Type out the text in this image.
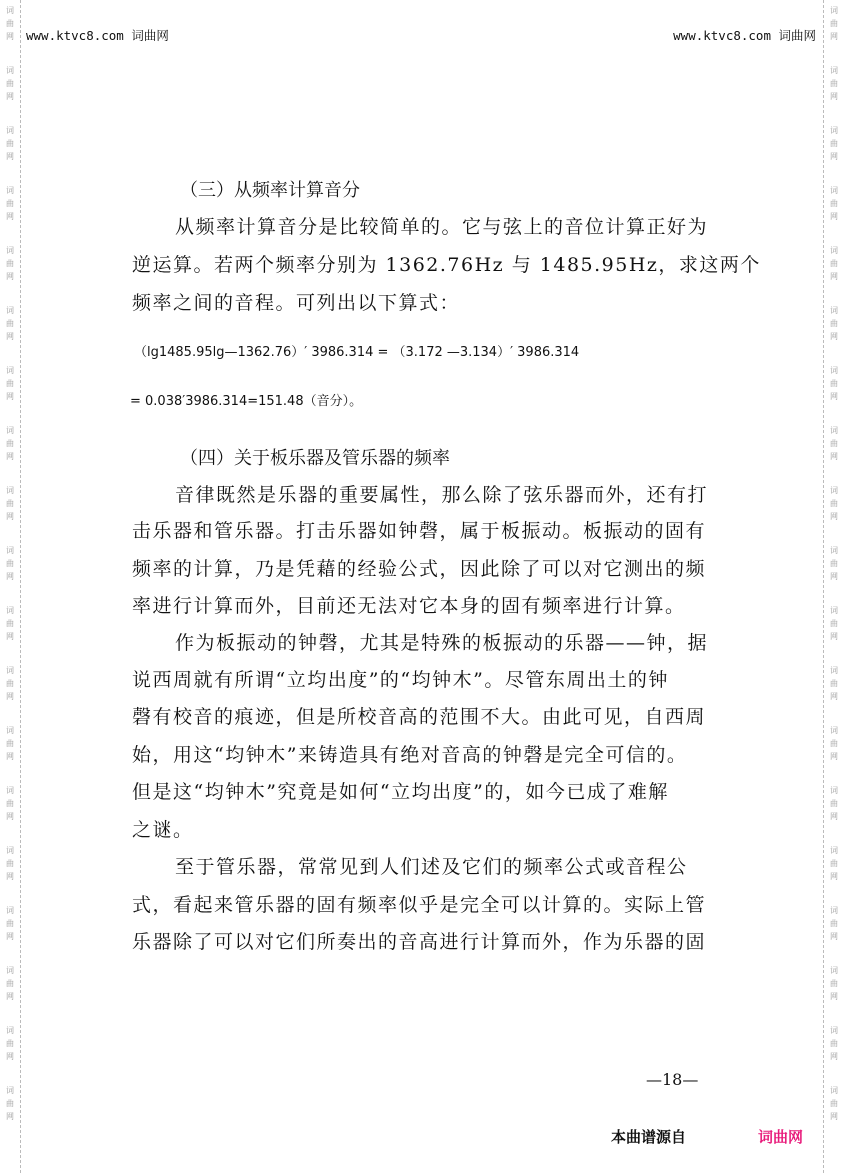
词
曲
网
词
曲
网
词
曲
网
词
曲
网
词
曲
网
词
曲
网
词
曲
网
词
曲
网
词
曲
网
词
曲
网
词
曲
网
词
曲
网
词
曲
网
词
曲
网
词
曲
网
词
曲
网
词
曲
网
词
曲
网
词
曲
网
词
曲
网
词
曲
网
词
曲
网
词
曲
网
词
曲
网
词
曲
网
词
曲
网
词
曲
网
词
曲
网
词
曲
网
词
曲
网
词
曲
网
词
曲
网
词
曲
网
词
曲
网
词
曲
网
词
曲
网
词
曲
网
词
曲
网
www.ktvc8.com 词曲网	www.ktvc8.com 词曲网
（三）从频率计算音分
从频率计算音分是比较简单的。它与弦上的音位计算正好为
逆运算。若两个频率分别为 1362.76Hz 与 1485.95Hz，求这两个
频率之间的音程。可列出以下算式：
（lg1485.95lg—1362.76）′ 3986.314 = （3.172 —3.134）′ 3986.314
= 0.038′3986.314=151.48（音分）。
（四）关于板乐器及管乐器的频率
音律既然是乐器的重要属性，那么除了弦乐器而外，还有打
击乐器和管乐器。打击乐器如钟磬，属于板振动。板振动的固有
频率的计算，乃是凭藉的经验公式，因此除了可以对它测出的频
率进行计算而外，目前还无法对它本身的固有频率进行计算。
作为板振动的钟磬，尤其是特殊的板振动的乐器——钟，据
说西周就有所谓“立均出度”的“均钟木”。尽管东周出土的钟
磬有校音的痕迹，但是所校音高的范围不大。由此可见，自西周
始，用这“均钟木”来铸造具有绝对音高的钟磬是完全可信的。
但是这“均钟木”究竟是如何“立均出度”的，如今已成了难解
之谜。
至于管乐器，常常见到人们述及它们的频率公式或音程公
式，看起来管乐器的固有频率似乎是完全可以计算的。实际上管
乐器除了可以对它们所奏出的音高进行计算而外，作为乐器的固
—18—
本曲谱源自	词曲网
